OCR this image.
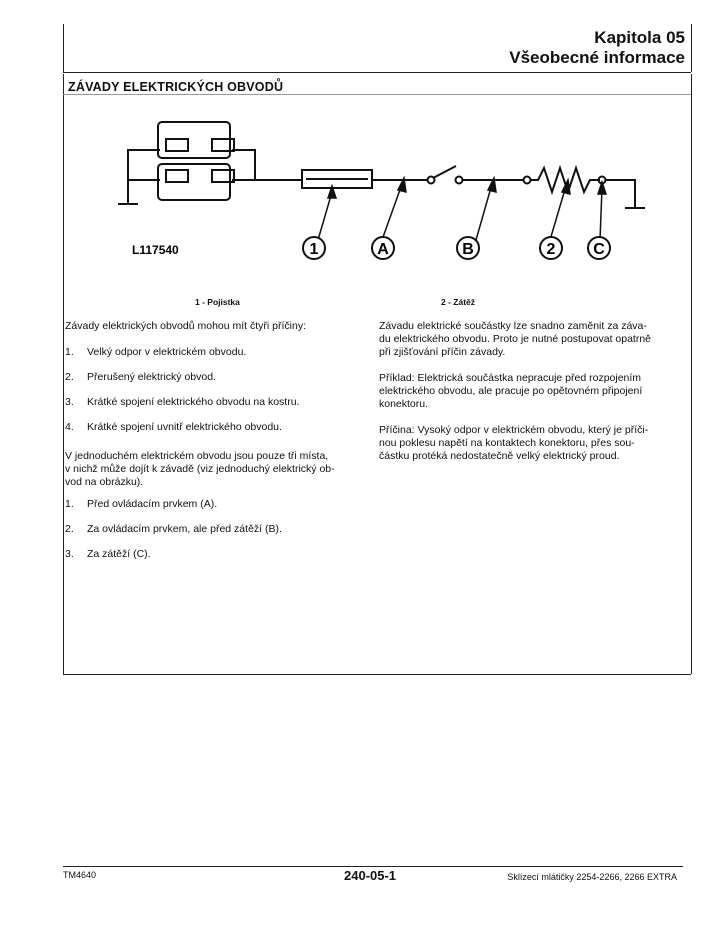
Kapitola 05
Všeobecné informace
ZÁVADY ELEKTRICKÝCH OBVODŮ
1	A	B	2 C
L117540
1 - Pojistka	2 - Zátěž
Závady elektrických obvodů mohou mít čtyři příčiny:
1. Velký odpor v elektrickém obvodu.
2. Přerušený elektrický obvod.
3. Krátké spojení elektrického obvodu na kostru.
4. Krátké spojení uvnitř elektrického obvodu.
V jednoduchém elektrickém obvodu jsou pouze tři místa,
v nichž může dojít k závadě (viz jednoduchý elektrický ob-
vod na obrázku).
1. Před ovládacím prvkem (A).
2. Za ovládacím prvkem, ale před zátěží (B).
3. Za zátěží (C).
Závadu elektrické součástky lze snadno zaměnit za záva-
du elektrického obvodu. Proto je nutné postupovat opatrně
při zjišťování příčin závady.
Příklad: Elektrická součástka nepracuje před rozpojením
elektrického obvodu, ale pracuje po opětovném připojení
konektoru.
Příčina: Vysoký odpor v elektrickém obvodu, který je příči-
nou poklesu napětí na kontaktech konektoru, přes sou-
částku protéká nedostatečně velký elektrický proud.
TM4640	240-05-1	Sklízecí mlátičky 2254-2266, 2266 EXTRA
